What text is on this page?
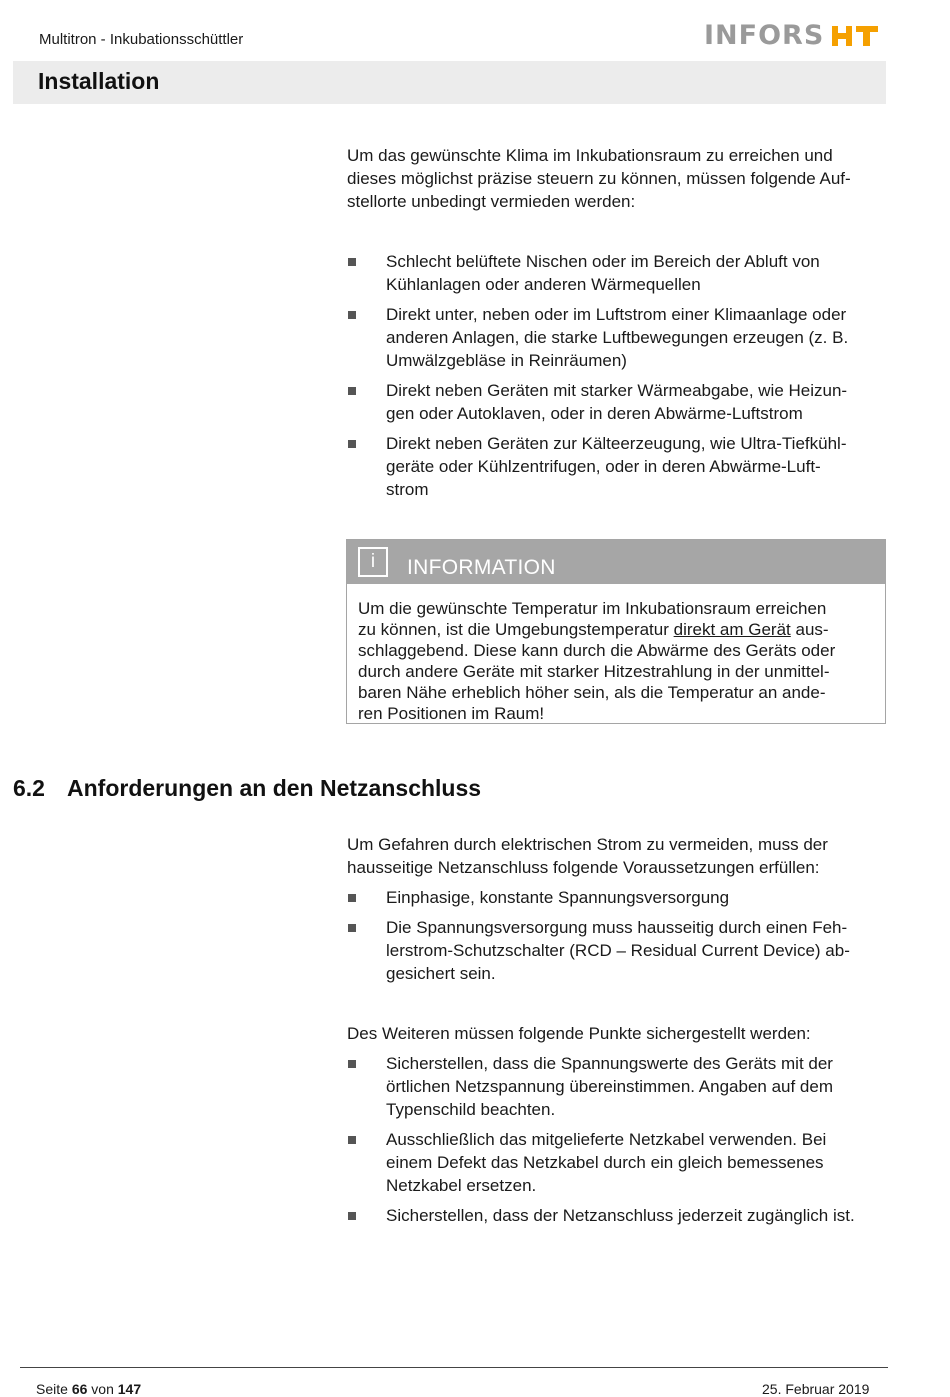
Multitron - Inkubationsschüttler	INFORS
Installation
Um das gewünschte Klima im Inkubationsraum zu erreichen und
dieses möglichst präzise steuern zu können, müssen folgende Auf-
stellorte unbedingt vermieden werden:
Schlecht belüftete Nischen oder im Bereich der Abluft von
Kühlanlagen oder anderen Wärmequellen
Direkt unter, neben oder im Luftstrom einer Klimaanlage oder
anderen Anlagen, die starke Luftbewegungen erzeugen (z. B.
Umwälzgebläse in Reinräumen)
Direkt neben Geräten mit starker Wärmeabgabe, wie Heizun-
gen oder Autoklaven, oder in deren Abwärme-Luftstrom
Direkt neben Geräten zur Kälteerzeugung, wie Ultra-Tiefkühl-
geräte oder Kühlzentrifugen, oder in deren Abwärme-Luft-
strom
i	INFORMATION
Um die gewünschte Temperatur im Inkubationsraum erreichen
zu können, ist die Umgebungstemperatur direkt am Gerät aus-
schlaggebend. Diese kann durch die Abwärme des Geräts oder
durch andere Geräte mit starker Hitzestrahlung in der unmittel-
baren Nähe erheblich höher sein, als die Temperatur an ande-
ren Positionen im Raum!
6.2 Anforderungen an den Netzanschluss
Um Gefahren durch elektrischen Strom zu vermeiden, muss der
hausseitige Netzanschluss folgende Voraussetzungen erfüllen:
Einphasige, konstante Spannungsversorgung
Die Spannungsversorgung muss hausseitig durch einen Feh-
lerstrom-Schutzschalter (RCD – Residual Current Device) ab-
gesichert sein.
Des Weiteren müssen folgende Punkte sichergestellt werden:
Sicherstellen, dass die Spannungswerte des Geräts mit der
örtlichen Netzspannung übereinstimmen. Angaben auf dem
Typenschild beachten.
Ausschließlich das mitgelieferte Netzkabel verwenden. Bei
einem Defekt das Netzkabel durch ein gleich bemessenes
Netzkabel ersetzen.
Sicherstellen, dass der Netzanschluss jederzeit zugänglich ist.
Seite 66 von 147	25. Februar 2019
